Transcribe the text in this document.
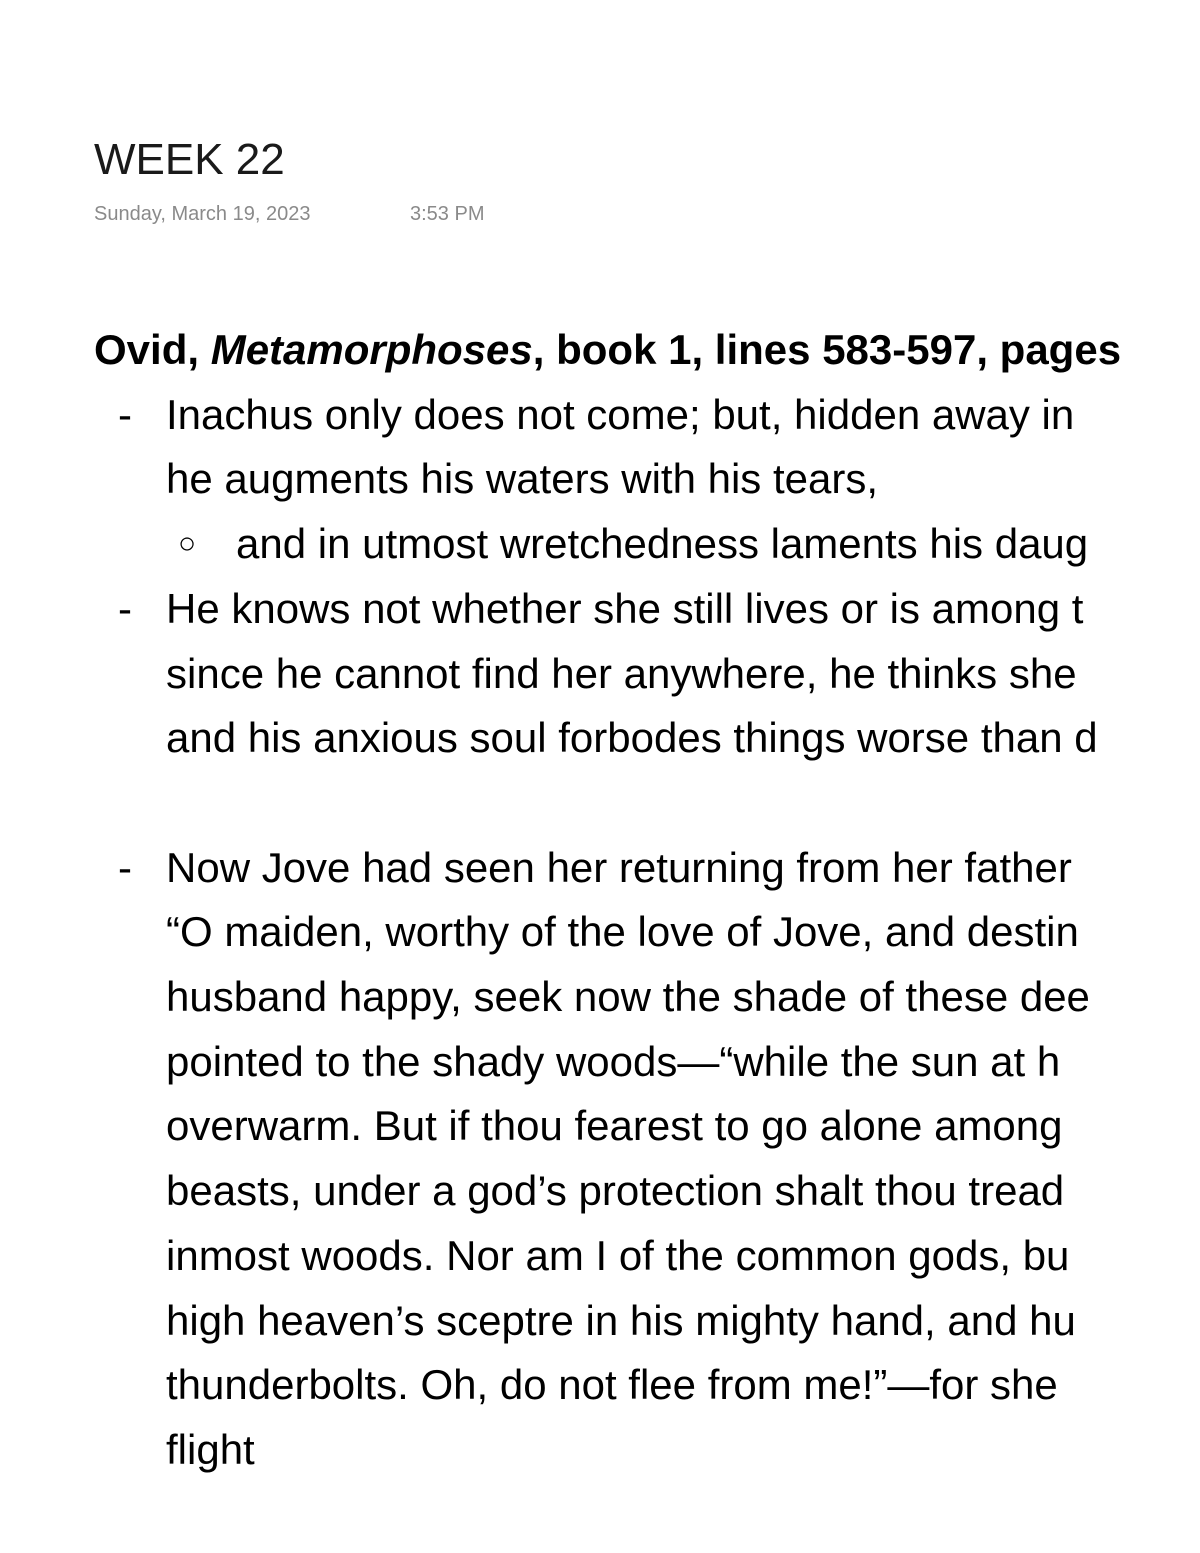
WEEK 22
Sunday, March 19, 2023	3:53 PM
Ovid, Metamorphoses, book 1, lines 583-597, pages
- Inachus only does not come; but, hidden away in
he augments his waters with his tears,
○ and in utmost wretchedness laments his daug
- He knows not whether she still lives or is among t
since he cannot find her anywhere, he thinks she
and his anxious soul forbodes things worse than d
- Now Jove had seen her returning from her father
“O maiden, worthy of the love of Jove, and destin
husband happy, seek now the shade of these dee
pointed to the shady woods—“while the sun at h
overwarm. But if thou fearest to go alone among
beasts, under a god’s protection shalt thou tread
inmost woods. Nor am I of the common gods, bu
high heaven’s sceptre in his mighty hand, and hu
thunderbolts. Oh, do not flee from me!”—for she
flight
